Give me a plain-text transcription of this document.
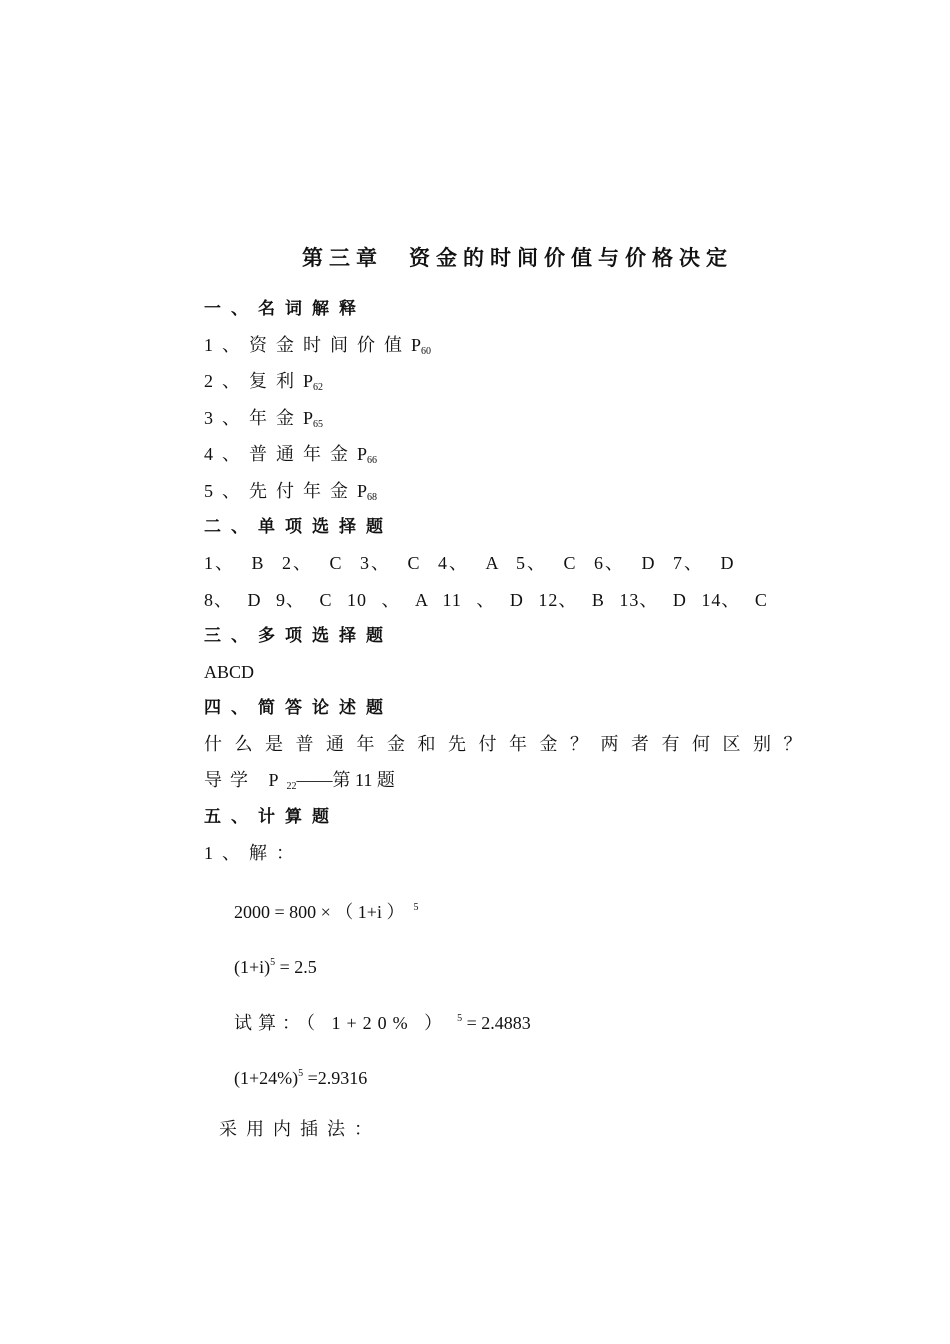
第三章 资金的时间价值与价格决定
一、名词解释
1、资金时间价值$P_{60}$
2、复利$P_{62}$
3、年金$P_{65}$
4、普通年金$P_{66}$
5、先付年金$P_{68}$
二、单项选择题
1、 B 2、 C 3、 C 4、 A 5、 C 6、 D 7、 D
8、 D 9、 C 10 、 A 11 、 D 12、 B 13、 D 14、 C
三、多项选择题
ABCD
四、简答论述题
什么是普通年金和先付年金？两者有何区别？
导学 $P_{22}——$第 11 题
五、计算题
1、解：
2000 = 800 × （ 1+i ） $^5$
$(1+i)^5 = 2.5$
试算：（ 1+20% ） $^5$ = 2.4883
$(1+24\%)^5 =2.9316$
采用内插法：
